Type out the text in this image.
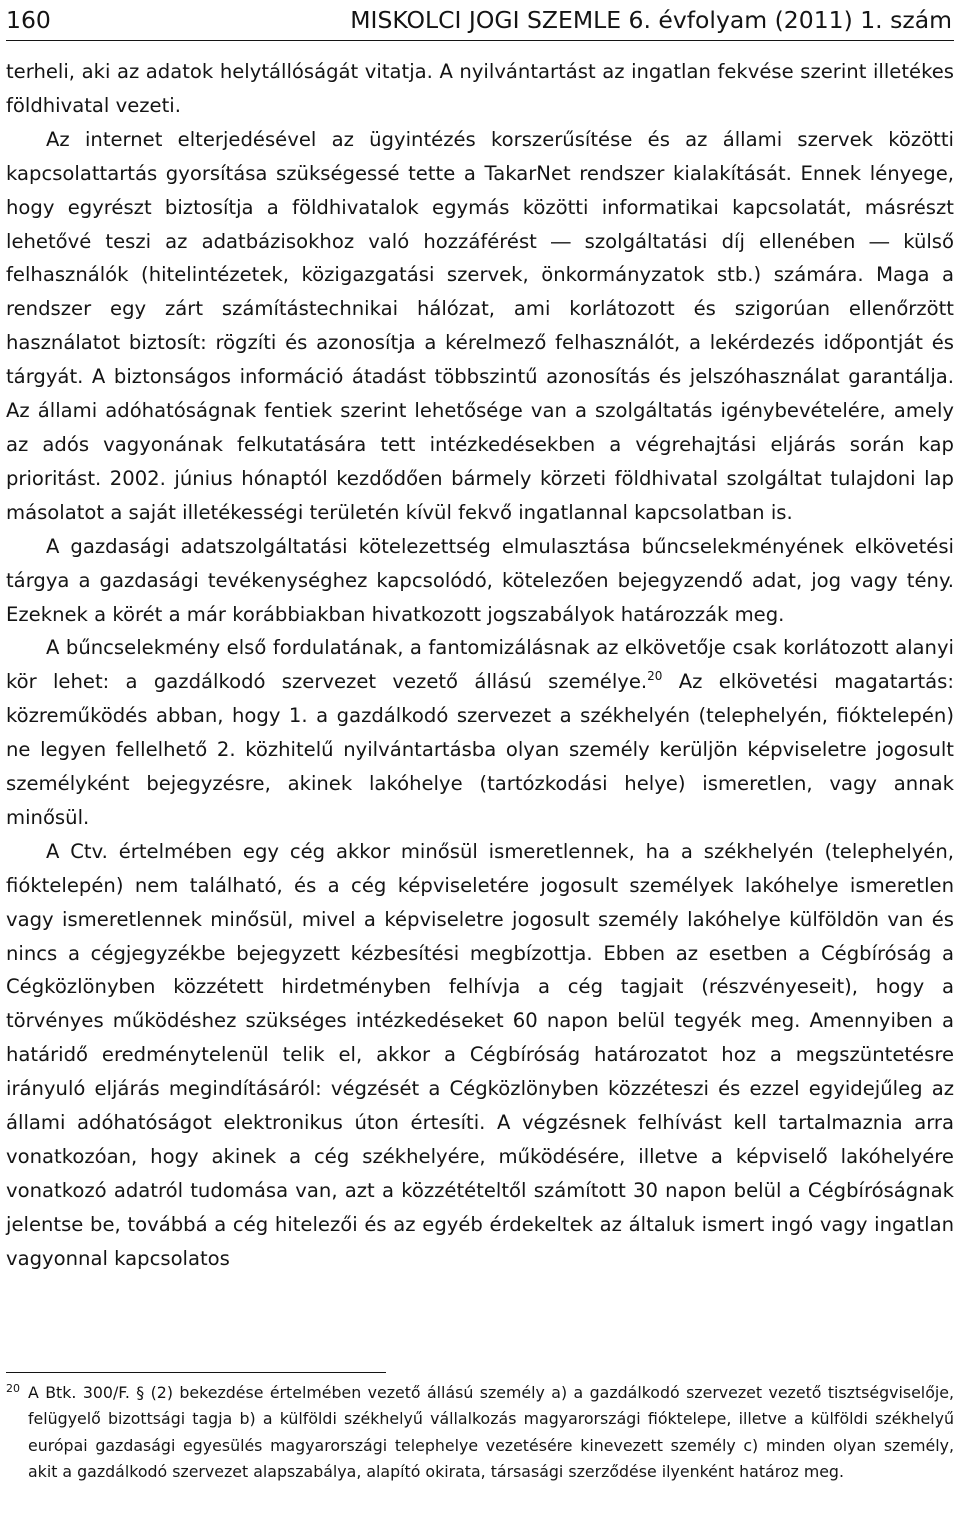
160	MISKOLCI JOGI SZEMLE 6. évfolyam (2011) 1. szám

terheli, aki az adatok helytállóságát vitatja. A nyilvántartást az ingatlan fekvése szerint illetékes földhivatal vezeti.

Az internet elterjedésével az ügyintézés korszerűsítése és az állami szervek közötti kapcsolattartás gyorsítása szükségessé tette a TakarNet rendszer kialakítását. Ennek lényege, hogy egyrészt biztosítja a földhivatalok egymás közötti informatikai kapcsolatát, másrészt lehetővé teszi az adatbázisokhoz való hozzáférést ― szolgáltatási díj ellenében ― külső felhasználók (hitelintézetek, közigazgatási szervek, önkormányzatok stb.) számára. Maga a rendszer egy zárt számítástechnikai hálózat, ami korlátozott és szigorúan ellenőrzött használatot biztosít: rögzíti és azonosítja a kérelmező felhasználót, a lekérdezés időpontját és tárgyát. A biztonságos információ átadást többszintű azonosítás és jelszóhasználat garantálja. Az állami adóhatóságnak fentiek szerint lehetősége van a szolgáltatás igénybevételére, amely az adós vagyonának felkutatására tett intézkedésekben a végrehajtási eljárás során kap prioritást. 2002. június hónaptól kezdődően bármely körzeti földhivatal szolgáltat tulajdoni lap másolatot a saját illetékességi területén kívül fekvő ingatlannal kapcsolatban is.

A gazdasági adatszolgáltatási kötelezettség elmulasztása bűncselekményének elkövetési tárgya a gazdasági tevékenységhez kapcsolódó, kötelezően bejegyzendő adat, jog vagy tény. Ezeknek a körét a már korábbiakban hivatkozott jogszabályok határozzák meg.

A bűncselekmény első fordulatának, a fantomizálásnak az elkövetője csak korlátozott alanyi kör lehet: a gazdálkodó szervezet vezető állású személye.$^{20}$ Az elkövetési magatartás: közreműködés abban, hogy 1. a gazdálkodó szervezet a székhelyén (telephelyén, fióktelepén) ne legyen fellelhető 2. közhitelű nyilvántartásba olyan személy kerüljön képviseletre jogosult személyként bejegyzésre, akinek lakóhelye (tartózkodási helye) ismeretlen, vagy annak minősül.

A Ctv. értelmében egy cég akkor minősül ismeretlennek, ha a székhelyén (telephelyén, fióktelepén) nem található, és a cég képviseletére jogosult személyek lakóhelye ismeretlen vagy ismeretlennek minősül, mivel a képviseletre jogosult személy lakóhelye külföldön van és nincs a cégjegyzékbe bejegyzett kézbesítési megbízottja. Ebben az esetben a Cégbíróság a Cégközlönyben közzétett hirdetményben felhívja a cég tagjait (részvényeseit), hogy a törvényes működéshez szükséges intézkedéseket 60 napon belül tegyék meg. Amennyiben a határidő eredménytelenül telik el, akkor a Cégbíróság határozatot hoz a megszüntetésre irányuló eljárás megindításáról: végzését a Cégközlönyben közzéteszi és ezzel egyidejűleg az állami adóhatóságot elektronikus úton értesíti. A végzésnek felhívást kell tartalmaznia arra vonatkozóan, hogy akinek a cég székhelyére, működésére, illetve a képviselő lakóhelyére vonatkozó adatról tudomása van, azt a közzétételtől számított 30 napon belül a Cégbíróságnak jelentse be, továbbá a cég hitelezői és az egyéb érdekeltek az általuk ismert ingó vagy ingatlan vagyonnal kapcsolatos

20 A Btk. 300/F. § (2) bekezdése értelmében vezető állású személy a) a gazdálkodó szervezet vezető tisztségviselője, felügyelő bizottsági tagja b) a külföldi székhelyű vállalkozás magyarországi fióktelepe, illetve a külföldi székhelyű európai gazdasági egyesülés magyarországi telephelye vezetésére kinevezett személy c) minden olyan személy, akit a gazdálkodó szervezet alapszabálya, alapító okirata, társasági szerződése ilyenként határoz meg.
